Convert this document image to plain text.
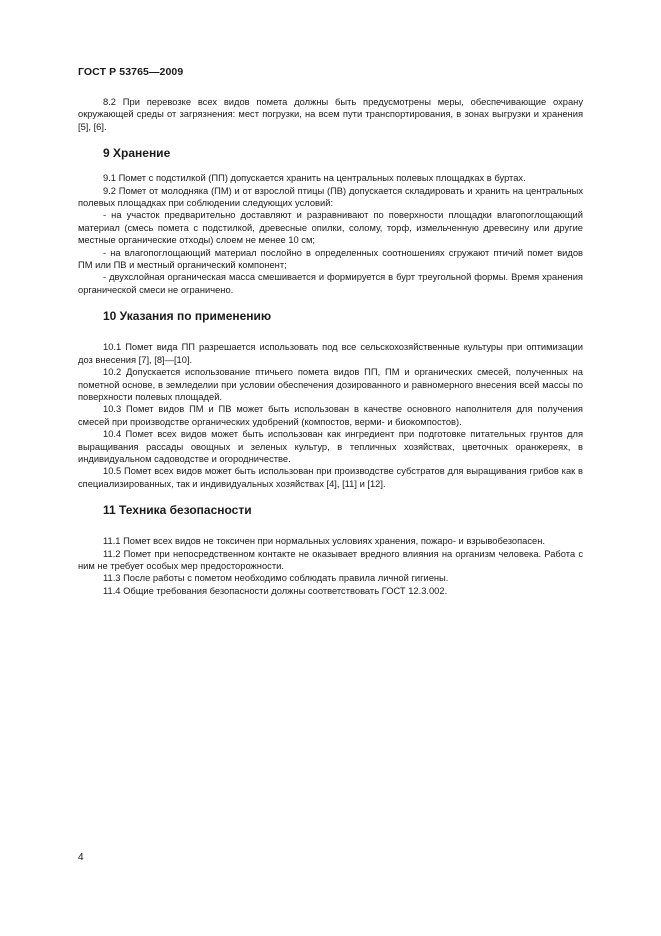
ГОСТ Р 53765—2009

8.2 При перевозке всех видов помета должны быть предусмотрены меры, обеспечивающие охрану окружающей среды от загрязнения: мест погрузки, на всем пути транспортирования, в зонах выгрузки и хранения [5], [6].

9 Хранение

9.1 Помет с подстилкой (ПП) допускается хранить на центральных полевых площадках в буртах.

9.2 Помет от молодняка (ПМ) и от взрослой птицы (ПВ) допускается складировать и хранить на центральных полевых площадках при соблюдении следующих условий:

- на участок предварительно доставляют и разравнивают по поверхности площадки влагопоглощающий материал (смесь помета с подстилкой, древесные опилки, солому, торф, измельченную древесину или другие местные органические отходы) слоем не менее 10 см;

- на влагопоглощающий материал послойно в определенных соотношениях сгружают птичий помет видов ПМ или ПВ и местный органический компонент;

- двухслойная органическая масса смешивается и формируется в бурт треугольной формы. Время хранения органической смеси не ограничено.

10 Указания по применению

10.1 Помет вида ПП разрешается использовать под все сельскохозяйственные культуры при оптимизации доз внесения [7], [8]—[10].

10.2 Допускается использование птичьего помета видов ПП, ПМ и органических смесей, полученных на пометной основе, в земледелии при условии обеспечения дозированного и равномерного внесения всей массы по поверхности полевых площадей.

10.3 Помет видов ПМ и ПВ может быть использован в качестве основного наполнителя для получения смесей при производстве органических удобрений (компостов, верми- и биокомпостов).

10.4 Помет всех видов может быть использован как ингредиент при подготовке питательных грунтов для выращивания рассады овощных и зеленых культур, в тепличных хозяйствах, цветочных оранжереях, в индивидуальном садоводстве и огородничестве.

10.5 Помет всех видов может быть использован при производстве субстратов для выращивания грибов как в специализированных, так и индивидуальных хозяйствах [4], [11] и [12].

11 Техника безопасности

11.1 Помет всех видов не токсичен при нормальных условиях хранения, пожаро- и взрывобезопасен.

11.2 Помет при непосредственном контакте не оказывает вредного влияния на организм человека. Работа с ним не требует особых мер предосторожности.

11.3 После работы с пометом необходимо соблюдать правила личной гигиены.

11.4 Общие требования безопасности должны соответствовать ГОСТ 12.3.002.

4
